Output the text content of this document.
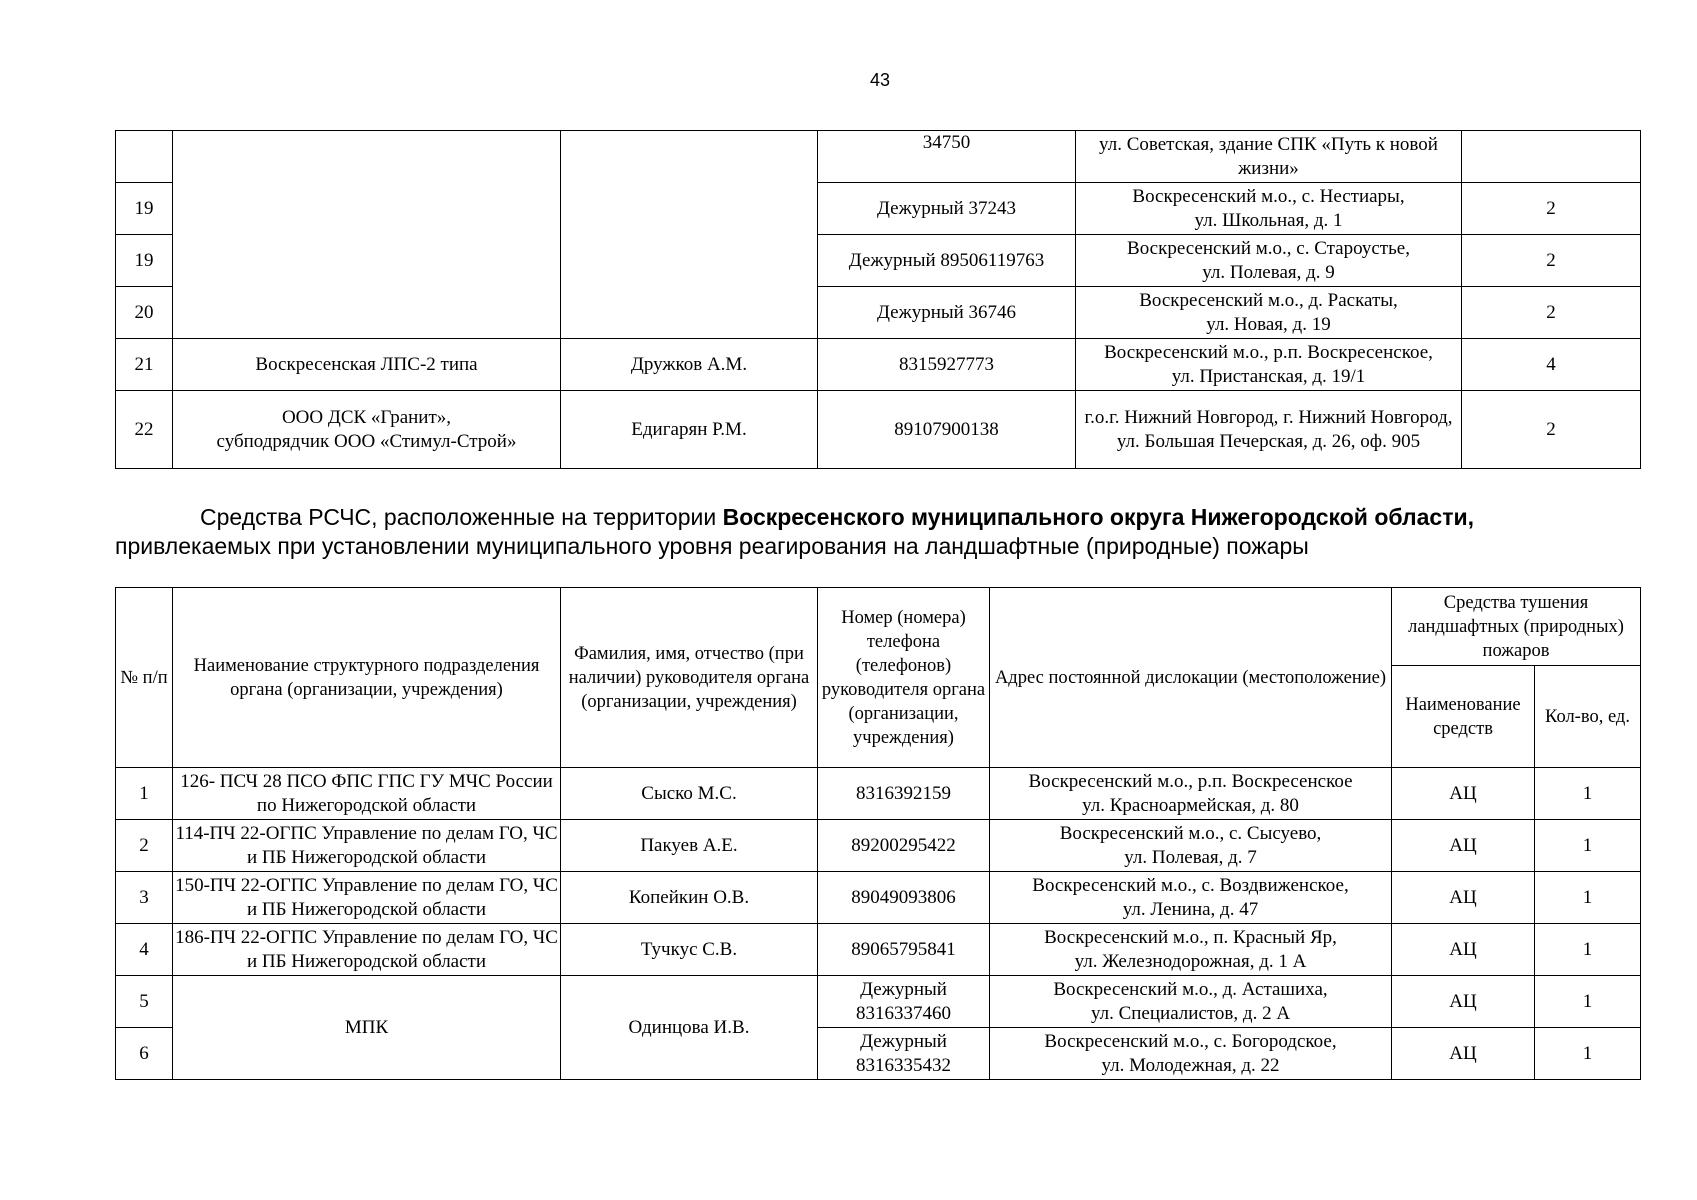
43
			34750	ул. Советская, здание СПК «Путь к новой жизни»	
19			Дежурный 37243	Воскресенский м.о., с. Нестиары,
ул. Школьная, д. 1	2
19			Дежурный 89506119763	Воскресенский м.о., с. Староустье,
ул. Полевая, д. 9	2
20			Дежурный 36746	Воскресенский м.о., д. Раскаты,
ул. Новая, д. 19	2
21	Воскресенская ЛПС-2 типа	Дружков А.М.	8315927773	Воскресенский м.о., р.п. Воскресенское,
ул. Пристанская, д. 19/1	4
22	ООО ДСК «Гранит»,
субподрядчик ООО «Стимул-Строй»	Едигарян Р.М.	89107900138	г.о.г. Нижний Новгород, г. Нижний Новгород, ул. Большая Печерская, д. 26, оф. 905	2
Средства РСЧС, расположенные на территории Воскресенского муниципального округа Нижегородской области,
привлекаемых при установлении муниципального уровня реагирования на ландшафтные (природные) пожары
№ п/п	Наименование структурного подразделения органа (организации, учреждения)	Фамилия, имя, отчество (при наличии) руководителя органа (организации, учреждения)	Номер (номера) телефона (телефонов) руководителя органа (организации, учреждения)	Адрес постоянной дислокации (местоположение)	Средства тушения ландшафтных (природных) пожаров	
					Наименование средств	Кол-во, ед.
1	126- ПСЧ 28 ПСО ФПС ГПС ГУ МЧС России по Нижегородской области	Сыско М.С.	8316392159	Воскресенский м.о., р.п. Воскресенское
ул. Красноармейская, д. 80	АЦ	1
2	114-ПЧ 22-ОГПС Управление по делам ГО, ЧС и ПБ Нижегородской области	Пакуев А.Е.	89200295422	Воскресенский м.о., с. Сысуево,
ул. Полевая, д. 7	АЦ	1
3	150-ПЧ 22-ОГПС Управление по делам ГО, ЧС и ПБ Нижегородской области	Копейкин О.В.	89049093806	Воскресенский м.о., с. Воздвиженское,
ул. Ленина, д. 47	АЦ	1
4	186-ПЧ 22-ОГПС Управление по делам ГО, ЧС и ПБ Нижегородской области	Тучкус С.В.	89065795841	Воскресенский м.о., п. Красный Яр,
ул. Железнодорожная, д. 1 А	АЦ	1
5	МПК	Одинцова И.В.	Дежурный 8316337460	Воскресенский м.о., д. Асташиха,
ул. Специалистов, д. 2 А	АЦ	1
6			Дежурный 8316335432	Воскресенский м.о., с. Богородское,
ул. Молодежная, д. 22	АЦ	1
